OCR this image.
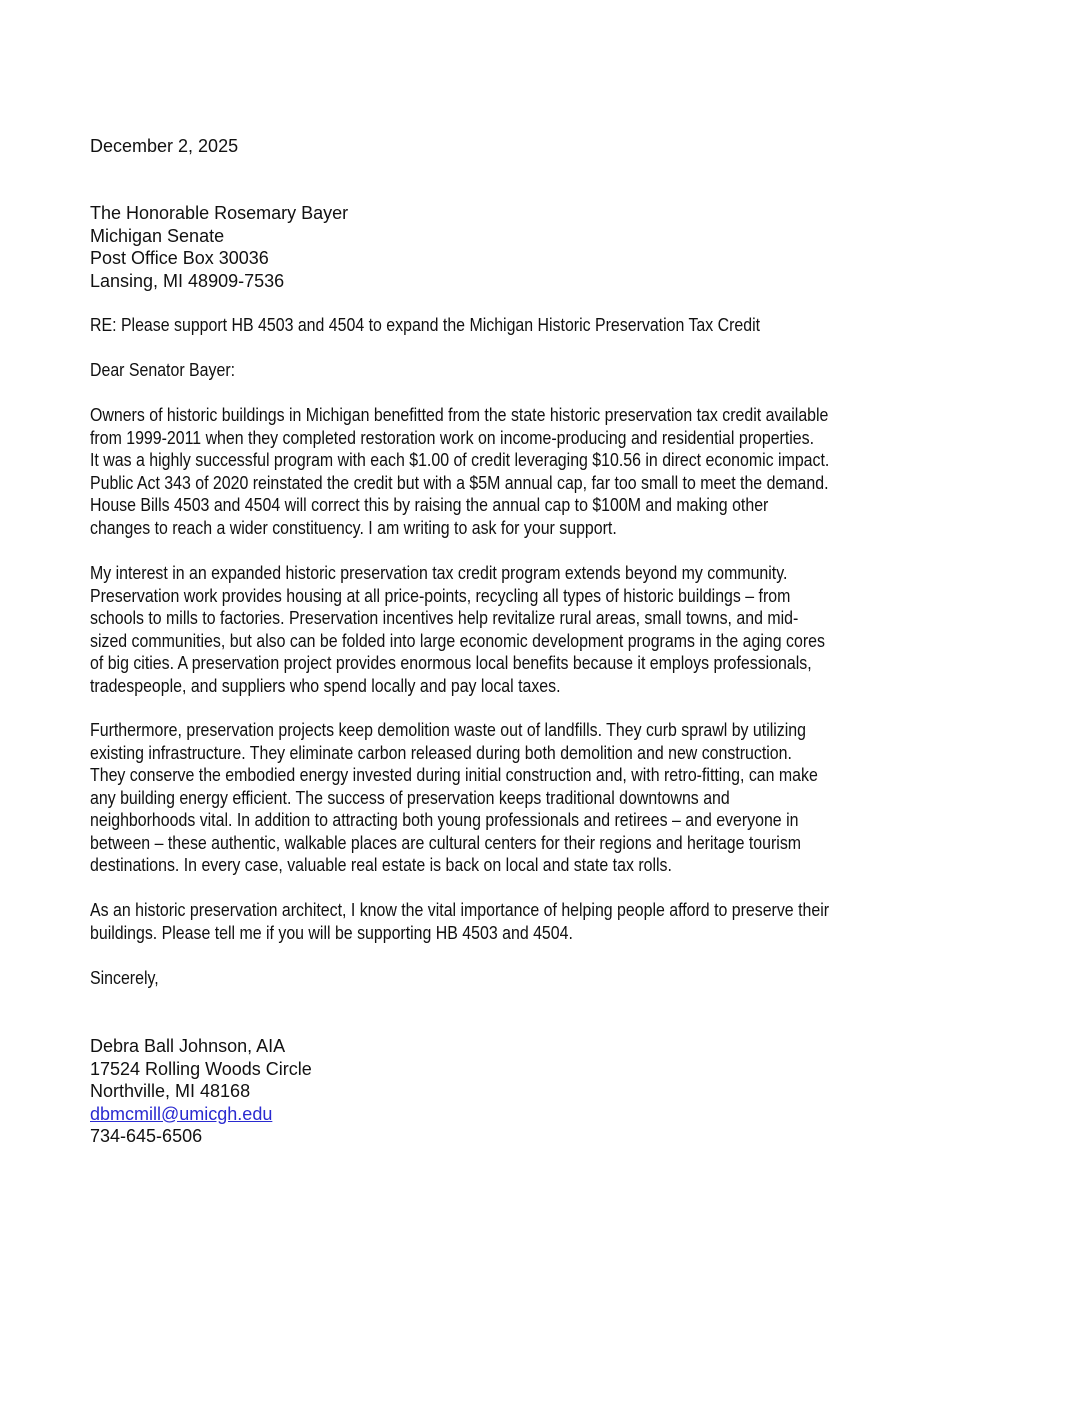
December 2, 2025
The Honorable Rosemary Bayer
Michigan Senate
Post Office Box 30036
Lansing, MI 48909-7536
RE: Please support HB 4503 and 4504 to expand the Michigan Historic Preservation Tax Credit
Dear Senator Bayer:
Owners of historic buildings in Michigan benefitted from the state historic preservation tax credit available
from 1999-2011 when they completed restoration work on income-producing and residential properties.
It was a highly successful program with each $1.00 of credit leveraging $10.56 in direct economic impact.
Public Act 343 of 2020 reinstated the credit but with a $5M annual cap, far too small to meet the demand.
House Bills 4503 and 4504 will correct this by raising the annual cap to $100M and making other
changes to reach a wider constituency. I am writing to ask for your support.
My interest in an expanded historic preservation tax credit program extends beyond my community.
Preservation work provides housing at all price-points, recycling all types of historic buildings – from
schools to mills to factories. Preservation incentives help revitalize rural areas, small towns, and mid-
sized communities, but also can be folded into large economic development programs in the aging cores
of big cities. A preservation project provides enormous local benefits because it employs professionals,
tradespeople, and suppliers who spend locally and pay local taxes.
Furthermore, preservation projects keep demolition waste out of landfills. They curb sprawl by utilizing
existing infrastructure. They eliminate carbon released during both demolition and new construction.
They conserve the embodied energy invested during initial construction and, with retro-fitting, can make
any building energy efficient. The success of preservation keeps traditional downtowns and
neighborhoods vital. In addition to attracting both young professionals and retirees – and everyone in
between – these authentic, walkable places are cultural centers for their regions and heritage tourism
destinations. In every case, valuable real estate is back on local and state tax rolls.
As an historic preservation architect, I know the vital importance of helping people afford to preserve their
buildings. Please tell me if you will be supporting HB 4503 and 4504.
Sincerely,
Debra Ball Johnson, AIA
17524 Rolling Woods Circle
Northville, MI 48168
dbmcmill@umicgh.edu
734-645-6506
